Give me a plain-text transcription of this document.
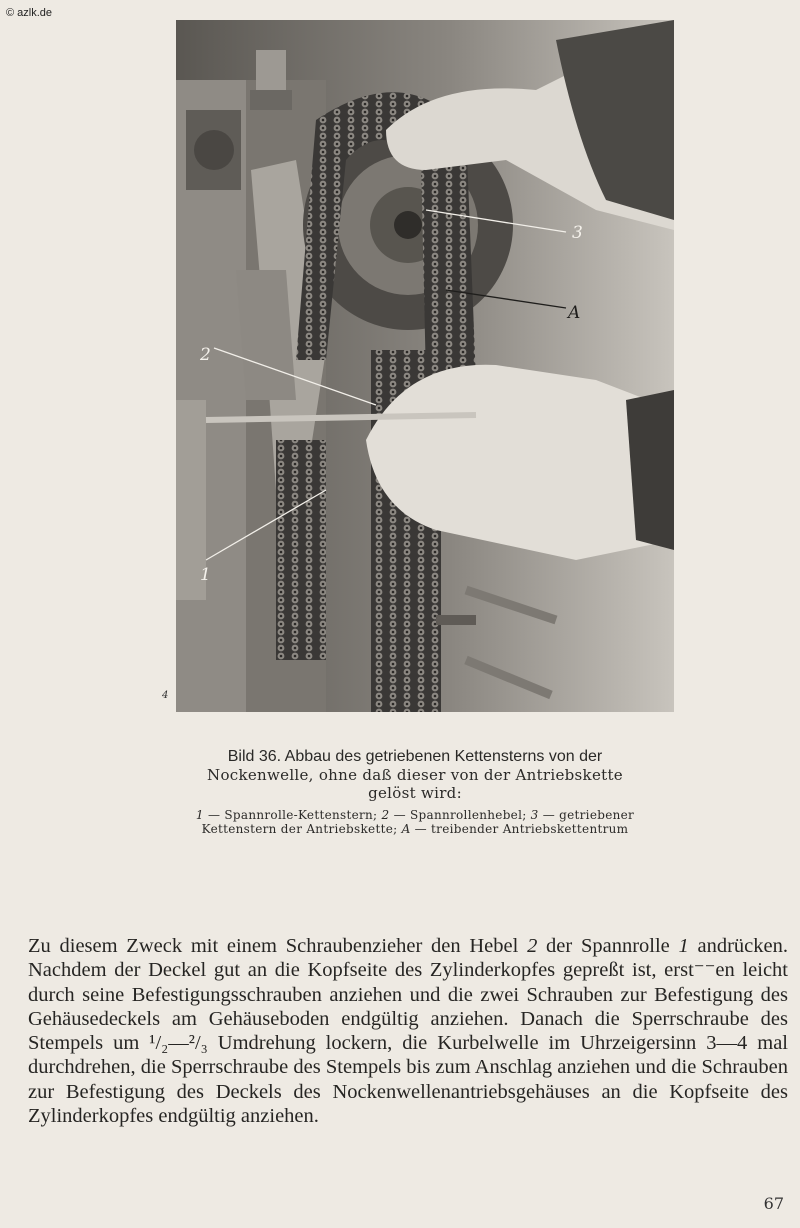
© azlk.de
3
A
2
1
4

Bild 36. Abbau des getriebenen Kettensterns von der

Nockenwelle, ohne daß dieser von der Antriebskette

gelöst wird:

1 — Spannrolle-Kettenstern; 2 — Spannrollenhebel; 3 — getriebener Kettenstern der Antriebskette; A — treibender Antriebskettentrum

Zu diesem Zweck mit einem Schraubenzieher den Hebel 2 der Spannrolle 1 andrücken. Nachdem der Deckel gut an die Kopfseite des Zylinderkopfes gepreßt ist, erst⁻⁻en leicht durch seine Befestigungsschrauben anziehen und die zwei Schrauben zur Befestigung des Gehäusedeckels am Gehäuseboden endgültig anziehen. Danach die Sperrschraube des Stempels um ¹/₂—²/₃ Umdrehung lockern, die Kurbelwelle im Uhrzeigersinn 3—4 mal durchdrehen, die Sperrschraube des Stempels bis zum Anschlag anziehen und die Schrauben zur Befestigung des Deckels des Nockenwellenantriebsgehäuses an die Kopfseite des Zylinderkopfes endgültig anziehen.

67
